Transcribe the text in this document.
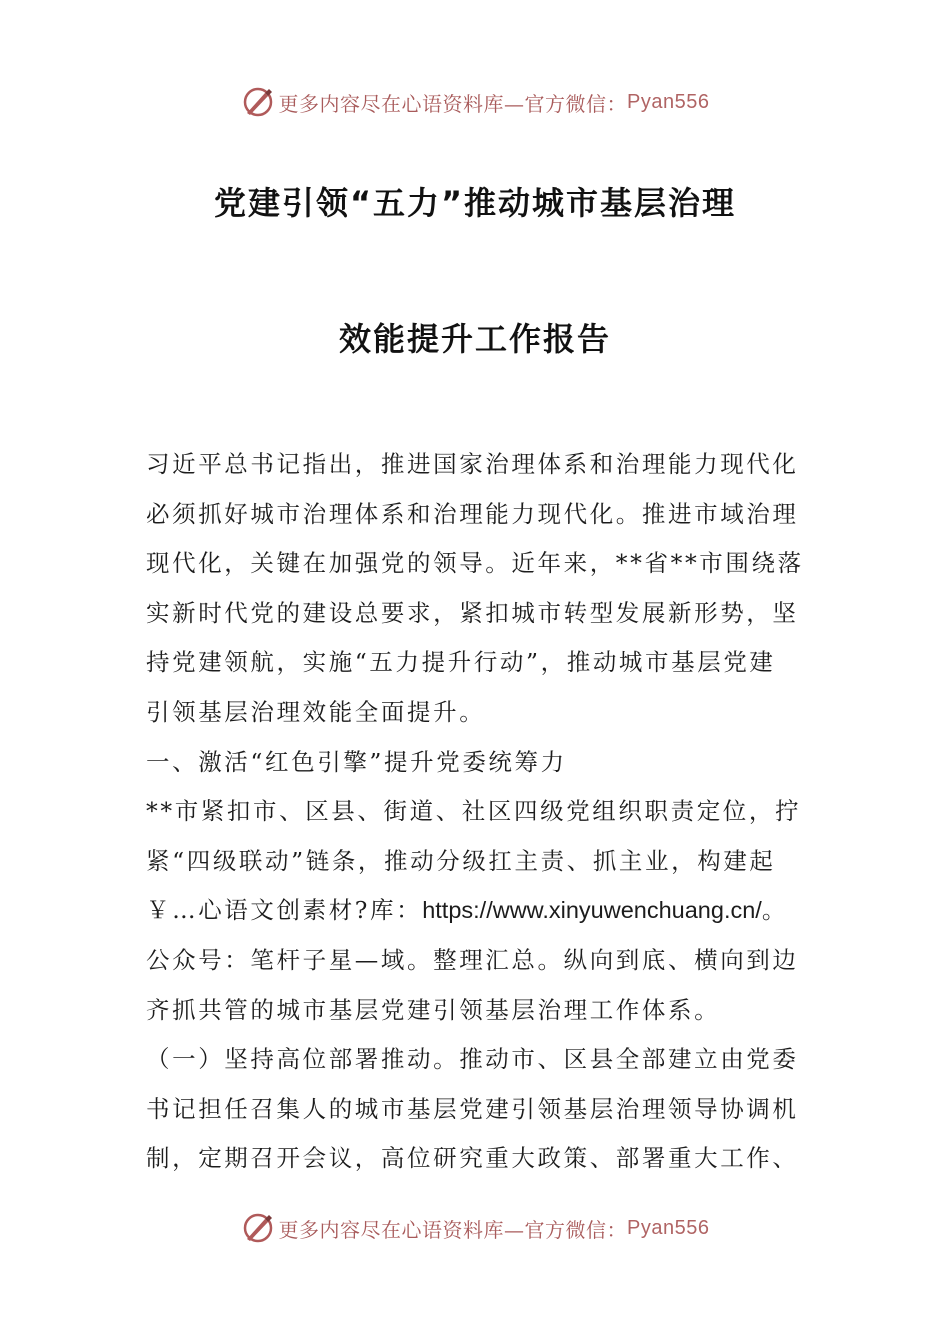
更多内容尽在心语资料库—官方微信： Pyan556
党建引领“五力”推动城市基层治理
效能提升工作报告

习近平总书记指出，推进国家治理体系和治理能力现代化

必须抓好城市治理体系和治理能力现代化。推进市域治理

现代化，关键在加强党的领导。近年来，**省**市围绕落

实新时代党的建设总要求，紧扣城市转型发展新形势，坚

持党建领航，实施“五力提升行动”，推动城市基层党建

引领基层治理效能全面提升。

一、激活“红色引擎”提升党委统筹力

**市紧扣市、区县、街道、社区四级党组织职责定位，拧

紧“四级联动”链条，推动分级扛主责、抓主业，构建起

￥…心语文创素材?库：https://www.xinyuwenchuang.cn/。

公众号：笔杆子星—域。整理汇总。纵向到底、横向到边

齐抓共管的城市基层党建引领基层治理工作体系。

（一）坚持高位部署推动。推动市、区县全部建立由党委

书记担任召集人的城市基层党建引领基层治理领导协调机

制，定期召开会议，高位研究重大政策、部署重大工作、

更多内容尽在心语资料库—官方微信： Pyan556
